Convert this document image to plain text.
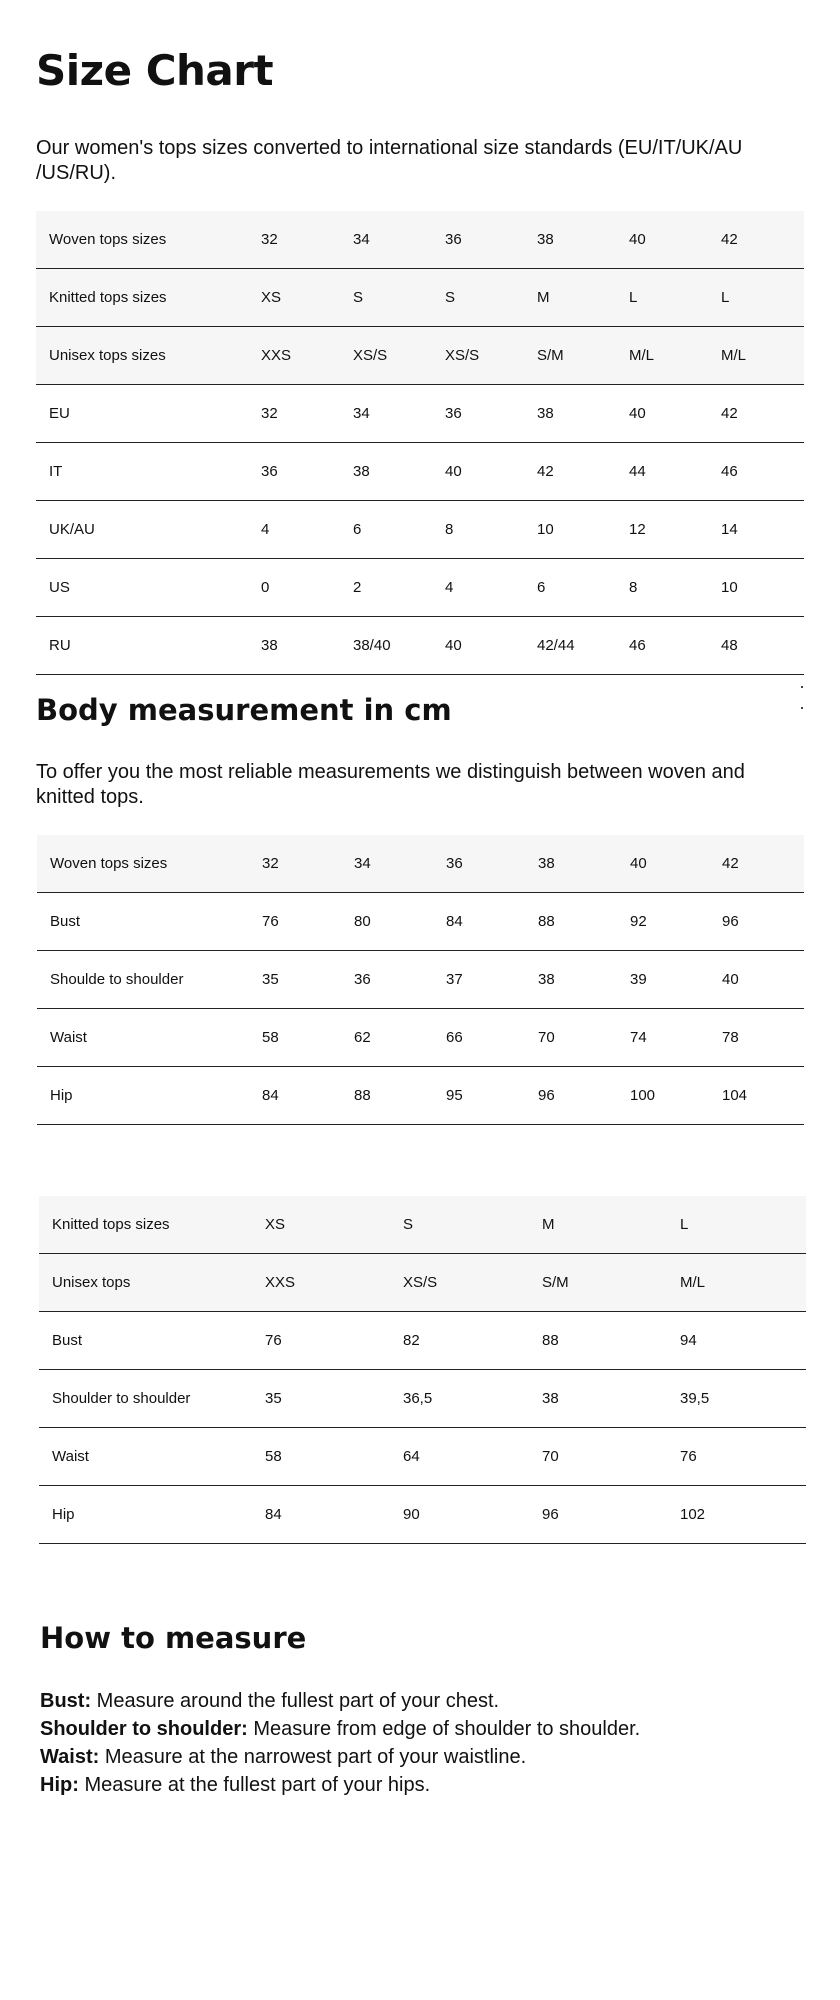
Size Chart

Our women's tops sizes converted to international size standards (EU/IT/UK/AU /US/RU).

Woven tops sizes	32	34	36	38	40	42
Knitted tops sizes	XS	S	S	M	L	L
Unisex tops sizes	XXS	XS/S	XS/S	S/M	M/L	M/L
EU	32	34	36	38	40	42
IT	36	38	40	42	44	46
UK/AU	4	6	8	10	12	14
US	0	2	4	6	8	10
RU	38	38/40	40	42/44	46	48
Body measurement in cm

To offer you the most reliable measurements we distinguish between woven and knitted tops.

Woven tops sizes	32	34	36	38	40	42
Bust	76	80	84	88	92	96
Shoulde to shoulder	35	36	37	38	39	40
Waist	58	62	66	70	74	78
Hip	84	88	95	96	100	104
Knitted tops sizes	XS	S	M	L
Unisex tops	XXS	XS/S	S/M	M/L
Bust	76	82	88	94
Shoulder to shoulder	35	36,5	38	39,5
Waist	58	64	70	76
Hip	84	90	96	102
How to measure

Bust: Measure around the fullest part of your chest.

Shoulder to shoulder: Measure from edge of shoulder to shoulder.

Waist: Measure at the narrowest part of your waistline.

Hip: Measure at the fullest part of your hips.
